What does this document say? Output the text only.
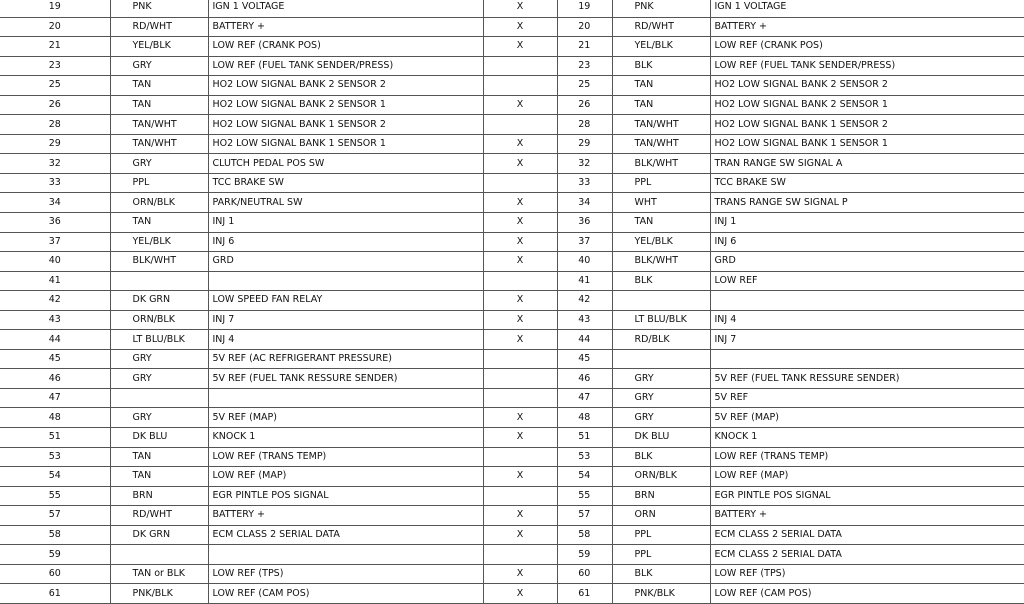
19	PNK	IGN 1 VOLTAGE	X
20	RD/WHT	BATTERY +	X
21	YEL/BLK	LOW REF (CRANK POS)	X
23	GRY	LOW REF (FUEL TANK SENDER/PRESS)	
25	TAN	HO2 LOW SIGNAL BANK 2 SENSOR 2	
26	TAN	HO2 LOW SIGNAL BANK 2 SENSOR 1	X
28	TAN/WHT	HO2 LOW SIGNAL BANK 1 SENSOR 2	
29	TAN/WHT	HO2 LOW SIGNAL BANK 1 SENSOR 1	X
32	GRY	CLUTCH PEDAL POS SW	X
33	PPL	TCC BRAKE SW	
34	ORN/BLK	PARK/NEUTRAL SW	X
36	TAN	INJ 1	X
37	YEL/BLK	INJ 6	X
40	BLK/WHT	GRD	X
41			
42	DK GRN	LOW SPEED FAN RELAY	X
43	ORN/BLK	INJ 7	X
44	LT BLU/BLK	INJ 4	X
45	GRY	5V REF (AC REFRIGERANT PRESSURE)	
46	GRY	5V REF (FUEL TANK RESSURE SENDER)	
47			
48	GRY	5V REF (MAP)	X
51	DK BLU	KNOCK 1	X
53	TAN	LOW REF (TRANS TEMP)	
54	TAN	LOW REF (MAP)	X
55	BRN	EGR PINTLE POS SIGNAL	
57	RD/WHT	BATTERY +	X
58	DK GRN	ECM CLASS 2 SERIAL DATA	X
59			
60	TAN or BLK	LOW REF (TPS)	X
61	PNK/BLK	LOW REF (CAM POS)	X
19	PNK	IGN 1 VOLTAGE
20	RD/WHT	BATTERY +
21	YEL/BLK	LOW REF (CRANK POS)
23	BLK	LOW REF (FUEL TANK SENDER/PRESS)
25	TAN	HO2 LOW SIGNAL BANK 2 SENSOR 2
26	TAN	HO2 LOW SIGNAL BANK 2 SENSOR 1
28	TAN/WHT	HO2 LOW SIGNAL BANK 1 SENSOR 2
29	TAN/WHT	HO2 LOW SIGNAL BANK 1 SENSOR 1
32	BLK/WHT	TRAN RANGE SW SIGNAL A
33	PPL	TCC BRAKE SW
34	WHT	TRANS RANGE SW SIGNAL P
36	TAN	INJ 1
37	YEL/BLK	INJ 6
40	BLK/WHT	GRD
41	BLK	LOW REF
42		
43	LT BLU/BLK	INJ 4
44	RD/BLK	INJ 7
45		
46	GRY	5V REF (FUEL TANK RESSURE SENDER)
47	GRY	5V REF
48	GRY	5V REF (MAP)
51	DK BLU	KNOCK 1
53	BLK	LOW REF (TRANS TEMP)
54	ORN/BLK	LOW REF (MAP)
55	BRN	EGR PINTLE POS SIGNAL
57	ORN	BATTERY +
58	PPL	ECM CLASS 2 SERIAL DATA
59	PPL	ECM CLASS 2 SERIAL DATA
60	BLK	LOW REF (TPS)
61	PNK/BLK	LOW REF (CAM POS)
